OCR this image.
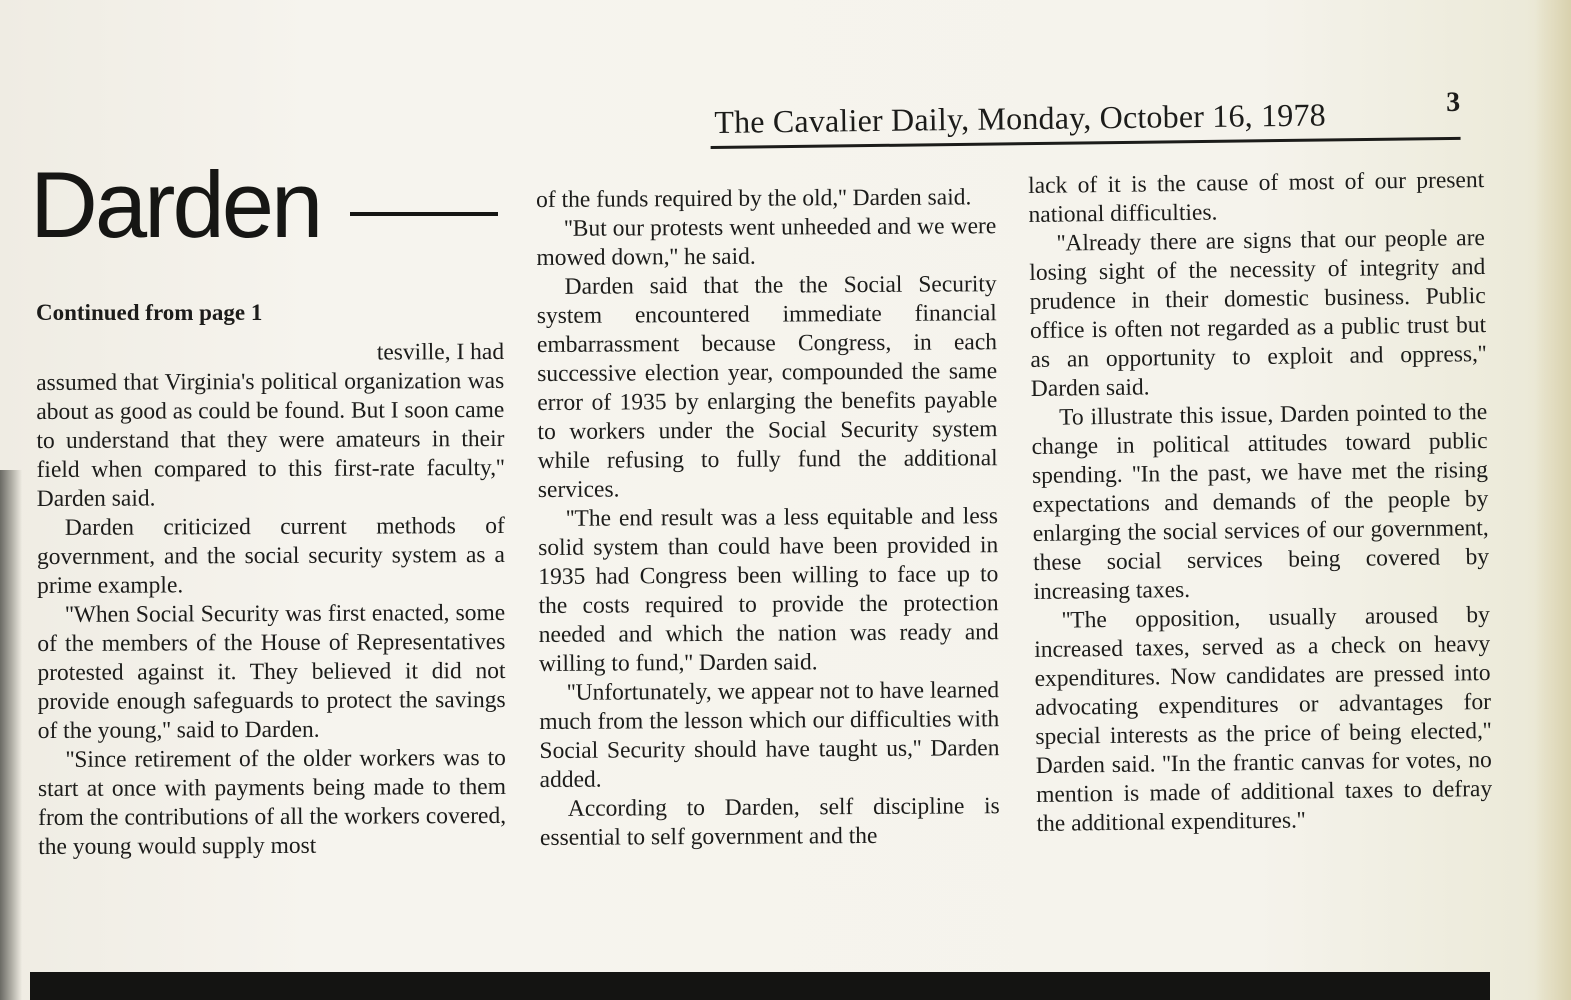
The Cavalier Daily, Monday, October 16, 1978	3
Darden
Continued from page 1

tesville, I had

assumed that Virginia's political organization was about as good as could be found. But I soon came to understand that they were amateurs in their field when compared to this first-rate faculty,'' Darden said.

Darden criticized current methods of government, and the social security system as a prime example.

''When Social Security was first enacted, some of the members of the House of Representatives protested against it. They believed it did not provide enough safeguards to protect the savings of the young,'' said to Darden.

''Since retirement of the older workers was to start at once with payments being made to them from the contributions of all the workers covered, the young would supply most

of the funds required by the old,'' Darden said.

''But our protests went unheeded and we were mowed down,'' he said.

Darden said that the the Social Security system encountered immediate financial embarrassment because Congress, in each successive election year, compounded the same error of 1935 by enlarging the benefits payable to workers under the Social Security system while refusing to fully fund the additional services.

''The end result was a less equitable and less solid system than could have been provided in 1935 had Congress been willing to face up to the costs required to provide the protection needed and which the nation was ready and willing to fund,'' Darden said.

''Unfortunately, we appear not to have learned much from the lesson which our difficulties with Social Security should have taught us,'' Darden added.

According to Darden, self discipline is essential to self government and the

lack of it is the cause of most of our present national difficulties.

''Already there are signs that our people are losing sight of the necessity of integrity and prudence in their domestic business. Public office is often not regarded as a public trust but as an opportunity to exploit and oppress,'' Darden said.

To illustrate this issue, Darden pointed to the change in political attitudes toward public spending. ''In the past, we have met the rising expectations and demands of the people by enlarging the social services of our government, these social services being covered by increasing taxes.

''The opposition, usually aroused by increased taxes, served as a check on heavy expenditures. Now candidates are pressed into advocating expenditures or advantages for special interests as the price of being elected,'' Darden said. ''In the frantic canvas for votes, no mention is made of additional taxes to defray the additional expenditures.''
